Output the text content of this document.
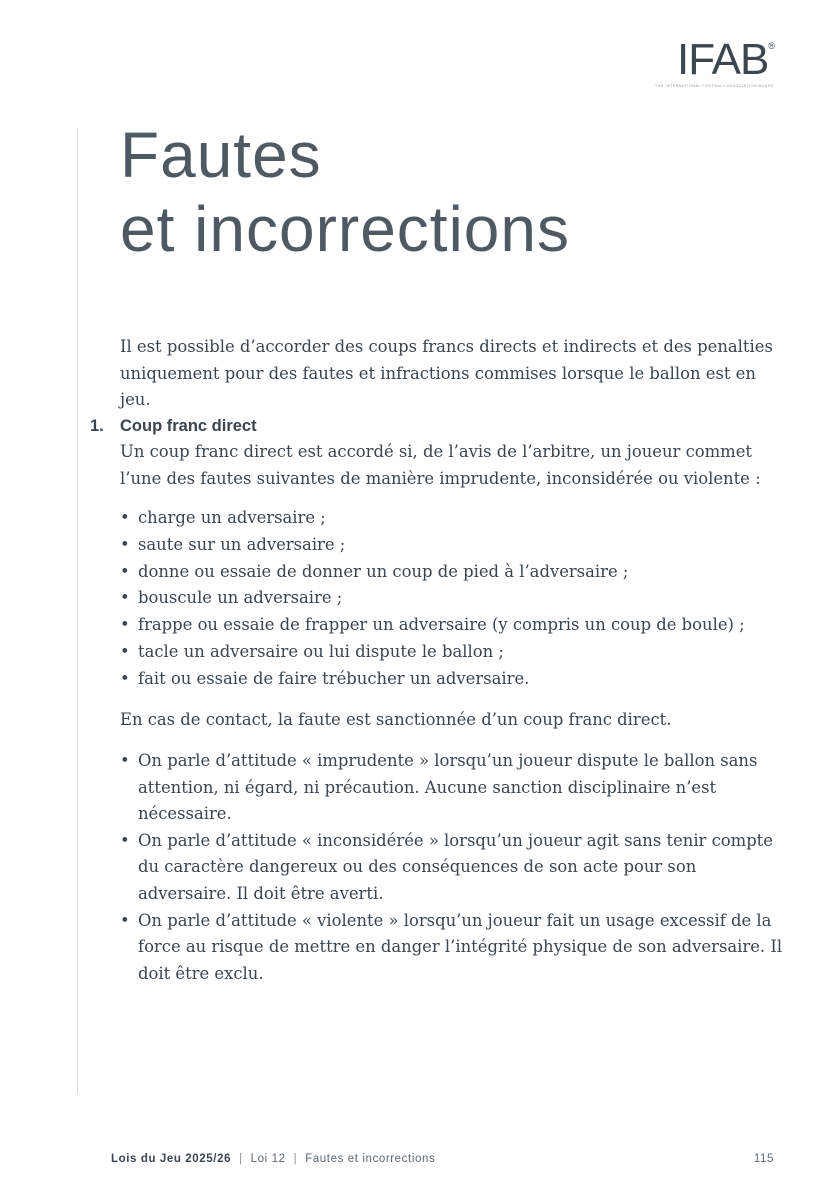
IFAB®
THE INTERNATIONAL FOOTBALL ASSOCIATION BOARD
Fautes
et incorrections

Il est possible d’accorder des coups francs directs et indirects et des penalties uniquement pour des fautes et infractions commises lorsque le ballon est en jeu.

1. Coup franc direct

Un coup franc direct est accordé si, de l’avis de l’arbitre, un joueur commet l’une des fautes suivantes de manière imprudente, inconsidérée ou violente :

• charge un adversaire ;
• saute sur un adversaire ;
• donne ou essaie de donner un coup de pied à l’adversaire ;
• bouscule un adversaire ;
• frappe ou essaie de frapper un adversaire (y compris un coup de boule) ;
• tacle un adversaire ou lui dispute le ballon ;
• fait ou essaie de faire trébucher un adversaire.

En cas de contact, la faute est sanctionnée d’un coup franc direct.

• On parle d’attitude « imprudente » lorsqu’un joueur dispute le ballon sans attention, ni égard, ni précaution. Aucune sanction disciplinaire n’est nécessaire.
• On parle d’attitude « inconsidérée » lorsqu’un joueur agit sans tenir compte du caractère dangereux ou des conséquences de son acte pour son adversaire. Il doit être averti.
• On parle d’attitude « violente » lorsqu’un joueur fait un usage excessif de la force au risque de mettre en danger l’intégrité physique de son adversaire. Il doit être exclu.
Lois du Jeu 2025/26 | Loi 12 | Fautes et incorrections	115
